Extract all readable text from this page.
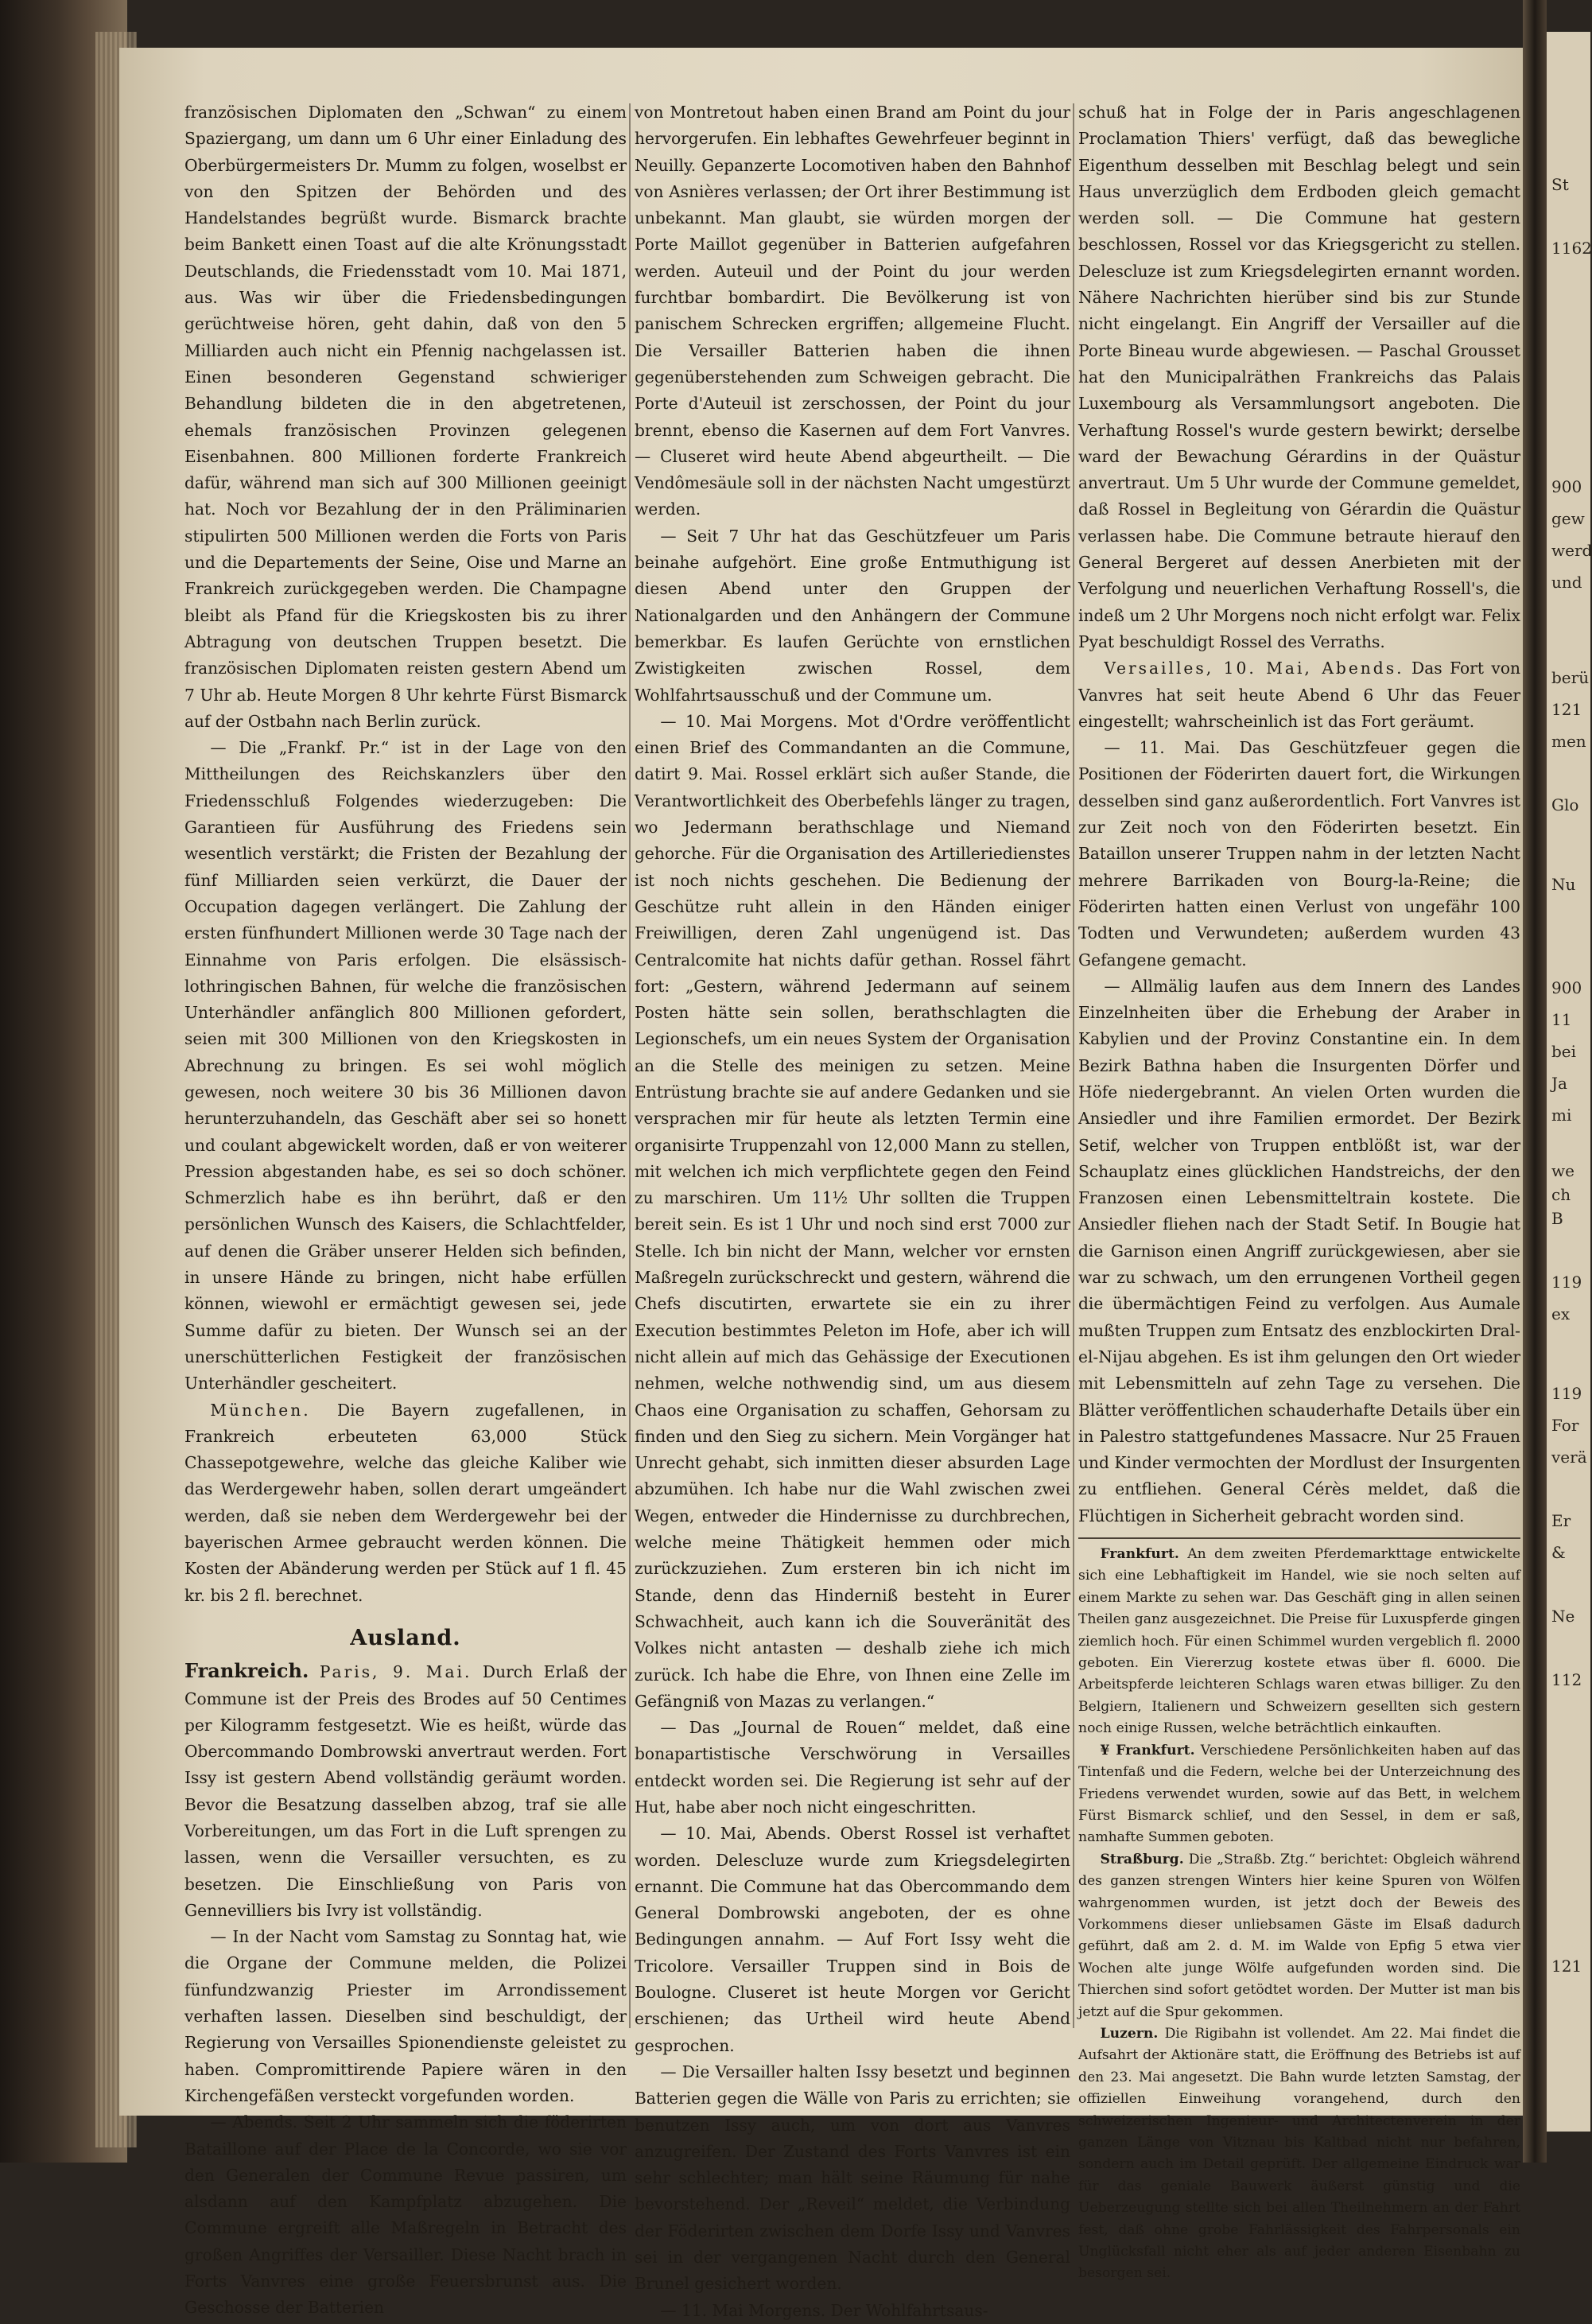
französischen Diplomaten den „Schwan“ zu einem Spaziergang, um dann um 6 Uhr einer Einladung des Oberbürgermeisters Dr. Mumm zu folgen, woselbst er von den Spitzen der Behörden und des Handelstandes begrüßt wurde. Bismarck brachte beim Bankett einen Toast auf die alte Krönungsstadt Deutschlands, die Friedensstadt vom 10. Mai 1871, aus. Was wir über die Friedensbedingungen gerüchtweise hören, geht dahin, daß von den 5 Milliarden auch nicht ein Pfennig nachgelassen ist. Einen besonderen Gegenstand schwieriger Behandlung bildeten die in den abgetretenen, ehemals französischen Provinzen gelegenen Eisenbahnen. 800 Millionen forderte Frankreich dafür, während man sich auf 300 Millionen geeinigt hat. Noch vor Bezahlung der in den Präliminarien stipulirten 500 Millionen werden die Forts von Paris und die Departements der Seine, Oise und Marne an Frankreich zurückgegeben werden. Die Champagne bleibt als Pfand für die Kriegskosten bis zu ihrer Abtragung von deutschen Truppen besetzt. Die französischen Diplomaten reisten gestern Abend um 7 Uhr ab. Heute Morgen 8 Uhr kehrte Fürst Bismarck auf der Ostbahn nach Berlin zurück.

— Die „Frankf. Pr.“ ist in der Lage von den Mittheilungen des Reichskanzlers über den Friedensschluß Folgendes wiederzugeben: Die Garantieen für Ausführung des Friedens sein wesentlich verstärkt; die Fristen der Bezahlung der fünf Milliarden seien verkürzt, die Dauer der Occupation dagegen verlängert. Die Zahlung der ersten fünfhundert Millionen werde 30 Tage nach der Einnahme von Paris erfolgen. Die elsässisch-lothringischen Bahnen, für welche die französischen Unterhändler anfänglich 800 Millionen gefordert, seien mit 300 Millionen von den Kriegskosten in Abrechnung zu bringen. Es sei wohl möglich gewesen, noch weitere 30 bis 36 Millionen davon herunterzuhandeln, das Geschäft aber sei so honett und coulant abgewickelt worden, daß er von weiterer Pression abgestanden habe, es sei so doch schöner. Schmerzlich habe es ihn berührt, daß er den persönlichen Wunsch des Kaisers, die Schlachtfelder, auf denen die Gräber unserer Helden sich befinden, in unsere Hände zu bringen, nicht habe erfüllen können, wiewohl er ermächtigt gewesen sei, jede Summe dafür zu bieten. Der Wunsch sei an der unerschütterlichen Festigkeit der französischen Unterhändler gescheitert.

München. Die Bayern zugefallenen, in Frankreich erbeuteten 63,000 Stück Chassepotgewehre, welche das gleiche Kaliber wie das Werdergewehr haben, sollen derart umgeändert werden, daß sie neben dem Werdergewehr bei der bayerischen Armee gebraucht werden können. Die Kosten der Abänderung werden per Stück auf 1 fl. 45 kr. bis 2 fl. berechnet.

Ausland.

Frankreich. Paris, 9. Mai. Durch Erlaß der Commune ist der Preis des Brodes auf 50 Centimes per Kilogramm festgesetzt. Wie es heißt, würde das Obercommando Dombrowski anvertraut werden. Fort Issy ist gestern Abend vollständig geräumt worden. Bevor die Besatzung dasselben abzog, traf sie alle Vorbereitungen, um das Fort in die Luft sprengen zu lassen, wenn die Versailler versuchten, es zu besetzen. Die Einschließung von Paris von Gennevilliers bis Ivry ist vollständig.

— In der Nacht vom Samstag zu Sonntag hat, wie die Organe der Commune melden, die Polizei fünfundzwanzig Priester im Arrondissement verhaften lassen. Dieselben sind beschuldigt, der Regierung von Versailles Spionendienste geleistet zu haben. Compromittirende Papiere wären in den Kirchengefäßen versteckt vorgefunden worden.

— Abends. Seit 2 Uhr sammeln sich die föderirten Bataillone auf der Place de la Concorde, wo sie vor den Generalen der Commune Revue passiren, um alsdann auf den Kampfplatz abzugehen. Die Commune ergreift alle Maßregeln in Betracht des großen Angriffes der Versailler. Diese Nacht brach in Forts Vanvres eine große Feuersbrunst aus. Die Geschosse der Batterien

von Montretout haben einen Brand am Point du jour hervorgerufen. Ein lebhaftes Gewehrfeuer beginnt in Neuilly. Gepanzerte Locomotiven haben den Bahnhof von Asnières verlassen; der Ort ihrer Bestimmung ist unbekannt. Man glaubt, sie würden morgen der Porte Maillot gegenüber in Batterien aufgefahren werden. Auteuil und der Point du jour werden furchtbar bombardirt. Die Bevölkerung ist von panischem Schrecken ergriffen; allgemeine Flucht. Die Versailler Batterien haben die ihnen gegenüberstehenden zum Schweigen gebracht. Die Porte d'Auteuil ist zerschossen, der Point du jour brennt, ebenso die Kasernen auf dem Fort Vanvres. — Cluseret wird heute Abend abgeurtheilt. — Die Vendômesäule soll in der nächsten Nacht umgestürzt werden.

— Seit 7 Uhr hat das Geschützfeuer um Paris beinahe aufgehört. Eine große Entmuthigung ist diesen Abend unter den Gruppen der Nationalgarden und den Anhängern der Commune bemerkbar. Es laufen Gerüchte von ernstlichen Zwistigkeiten zwischen Rossel, dem Wohlfahrtsausschuß und der Commune um.

— 10. Mai Morgens. Mot d'Ordre veröffentlicht einen Brief des Commandanten an die Commune, datirt 9. Mai. Rossel erklärt sich außer Stande, die Verantwortlichkeit des Oberbefehls länger zu tragen, wo Jedermann berathschlage und Niemand gehorche. Für die Organisation des Artilleriedienstes ist noch nichts geschehen. Die Bedienung der Geschütze ruht allein in den Händen einiger Freiwilligen, deren Zahl ungenügend ist. Das Centralcomite hat nichts dafür gethan. Rossel fährt fort: „Gestern, während Jedermann auf seinem Posten hätte sein sollen, berathschlagten die Legionschefs, um ein neues System der Organisation an die Stelle des meinigen zu setzen. Meine Entrüstung brachte sie auf andere Gedanken und sie versprachen mir für heute als letzten Termin eine organisirte Truppenzahl von 12,000 Mann zu stellen, mit welchen ich mich verpflichtete gegen den Feind zu marschiren. Um 11½ Uhr sollten die Truppen bereit sein. Es ist 1 Uhr und noch sind erst 7000 zur Stelle. Ich bin nicht der Mann, welcher vor ernsten Maßregeln zurückschreckt und gestern, während die Chefs discutirten, erwartete sie ein zu ihrer Execution bestimmtes Peleton im Hofe, aber ich will nicht allein auf mich das Gehässige der Executionen nehmen, welche nothwendig sind, um aus diesem Chaos eine Organisation zu schaffen, Gehorsam zu finden und den Sieg zu sichern. Mein Vorgänger hat Unrecht gehabt, sich inmitten dieser absurden Lage abzumühen. Ich habe nur die Wahl zwischen zwei Wegen, entweder die Hindernisse zu durchbrechen, welche meine Thätigkeit hemmen oder mich zurückzuziehen. Zum ersteren bin ich nicht im Stande, denn das Hinderniß besteht in Eurer Schwachheit, auch kann ich die Souveränität des Volkes nicht antasten — deshalb ziehe ich mich zurück. Ich habe die Ehre, von Ihnen eine Zelle im Gefängniß von Mazas zu verlangen.“

— Das „Journal de Rouen“ meldet, daß eine bonapartistische Verschwörung in Versailles entdeckt worden sei. Die Regierung ist sehr auf der Hut, habe aber noch nicht eingeschritten.

— 10. Mai, Abends. Oberst Rossel ist verhaftet worden. Delescluze wurde zum Kriegsdelegirten ernannt. Die Commune hat das Obercommando dem General Dombrowski angeboten, der es ohne Bedingungen annahm. — Auf Fort Issy weht die Tricolore. Versailler Truppen sind in Bois de Boulogne. Cluseret ist heute Morgen vor Gericht erschienen; das Urtheil wird heute Abend gesprochen.

— Die Versailler halten Issy besetzt und beginnen Batterien gegen die Wälle von Paris zu errichten; sie benutzen Issy auch, um von dort aus Vanvres anzugreifen. Der Zustand des Forts Vanvres ist ein sehr schlechter; man hält seine Räumung für nahe bevorstehend. Der „Reveil“ meldet, die Verbindung der Föderirten zwischen dem Dorfe Issy und Vanvres sei in der vergangenen Nacht durch den General Brunel gesichert worden.

— 11. Mai Morgens. Der Wohlfahrtsaus-

schuß hat in Folge der in Paris angeschlagenen Proclamation Thiers' verfügt, daß das bewegliche Eigenthum desselben mit Beschlag belegt und sein Haus unverzüglich dem Erdboden gleich gemacht werden soll. — Die Commune hat gestern beschlossen, Rossel vor das Kriegsgericht zu stellen. Delescluze ist zum Kriegsdelegirten ernannt worden. Nähere Nachrichten hierüber sind bis zur Stunde nicht eingelangt. Ein Angriff der Versailler auf die Porte Bineau wurde abgewiesen. — Paschal Grousset hat den Municipalräthen Frankreichs das Palais Luxembourg als Versammlungsort angeboten. Die Verhaftung Rossel's wurde gestern bewirkt; derselbe ward der Bewachung Gérardins in der Quästur anvertraut. Um 5 Uhr wurde der Commune gemeldet, daß Rossel in Begleitung von Gérardin die Quästur verlassen habe. Die Commune betraute hierauf den General Bergeret auf dessen Anerbieten mit der Verfolgung und neuerlichen Verhaftung Rossell's, die indeß um 2 Uhr Morgens noch nicht erfolgt war. Felix Pyat beschuldigt Rossel des Verraths.

Versailles, 10. Mai, Abends. Das Fort von Vanvres hat seit heute Abend 6 Uhr das Feuer eingestellt; wahrscheinlich ist das Fort geräumt.

— 11. Mai. Das Geschützfeuer gegen die Positionen der Föderirten dauert fort, die Wirkungen desselben sind ganz außerordentlich. Fort Vanvres ist zur Zeit noch von den Föderirten besetzt. Ein Bataillon unserer Truppen nahm in der letzten Nacht mehrere Barrikaden von Bourg-la-Reine; die Föderirten hatten einen Verlust von ungefähr 100 Todten und Verwundeten; außerdem wurden 43 Gefangene gemacht.

— Allmälig laufen aus dem Innern des Landes Einzelnheiten über die Erhebung der Araber in Kabylien und der Provinz Constantine ein. In dem Bezirk Bathna haben die Insurgenten Dörfer und Höfe niedergebrannt. An vielen Orten wurden die Ansiedler und ihre Familien ermordet. Der Bezirk Setif, welcher von Truppen entblößt ist, war der Schauplatz eines glücklichen Handstreichs, der den Franzosen einen Lebensmitteltrain kostete. Die Ansiedler fliehen nach der Stadt Setif. In Bougie hat die Garnison einen Angriff zurückgewiesen, aber sie war zu schwach, um den errungenen Vortheil gegen die übermächtigen Feind zu verfolgen. Aus Aumale mußten Truppen zum Entsatz des enzblockirten Dral-el-Nijau abgehen. Es ist ihm gelungen den Ort wieder mit Lebensmitteln auf zehn Tage zu versehen. Die Blätter veröffentlichen schauderhafte Details über ein in Palestro stattgefundenes Massacre. Nur 25 Frauen und Kinder vermochten der Mordlust der Insurgenten zu entfliehen. General Cérès meldet, daß die Flüchtigen in Sicherheit gebracht worden sind.

Frankfurt. An dem zweiten Pferdemarkttage entwickelte sich eine Lebhaftigkeit im Handel, wie sie noch selten auf einem Markte zu sehen war. Das Geschäft ging in allen seinen Theilen ganz ausgezeichnet. Die Preise für Luxuspferde gingen ziemlich hoch. Für einen Schimmel wurden vergeblich fl. 2000 geboten. Ein Viererzug kostete etwas über fl. 6000. Die Arbeitspferde leichteren Schlags waren etwas billiger. Zu den Belgiern, Italienern und Schweizern gesellten sich gestern noch einige Russen, welche beträchtlich einkauften.

¥ Frankfurt. Verschiedene Persönlichkeiten haben auf das Tintenfaß und die Federn, welche bei der Unterzeichnung des Friedens verwendet wurden, sowie auf das Bett, in welchem Fürst Bismarck schlief, und den Sessel, in dem er saß, namhafte Summen geboten.

Straßburg. Die „Straßb. Ztg.“ berichtet: Obgleich während des ganzen strengen Winters hier keine Spuren von Wölfen wahrgenommen wurden, ist jetzt doch der Beweis des Vorkommens dieser unliebsamen Gäste im Elsaß dadurch geführt, daß am 2. d. M. im Walde von Epfig 5 etwa vier Wochen alte junge Wölfe aufgefunden worden sind. Die Thierchen sind sofort getödtet worden. Der Mutter ist man bis jetzt auf die Spur gekommen.

Luzern. Die Rigibahn ist vollendet. Am 22. Mai findet die Aufsahrt der Aktionäre statt, die Eröffnung des Betriebs ist auf den 23. Mai angesetzt. Die Bahn wurde letzten Samstag, der offiziellen Einweihung vorangehend, durch den schweizerischen Ingenieur- und Architectenverein in der ganzen Länge von Vitznau bis Kaltbad nicht nur befahren, sondern auch im Detail geprüft. Der allgemeine Eindruck war für das geniale Bauwerk äußerst günstig und die Ueberzeugung stellte sich bei allen Theilnehmern an der Fahrt fest, daß ohne grobe Fahrlässigkeit des Fahrpersonals ein Unglücksfall nicht eher als auf jeder anderen Eisenbahn zu besorgen sei.

St
1162
900
gew
werd
und
berü
121
men
Glo
Nu
900
11
bei
Ja
mi
we
ch
B
119
ex
119
For
verä
Er
&
Ne
112
121
